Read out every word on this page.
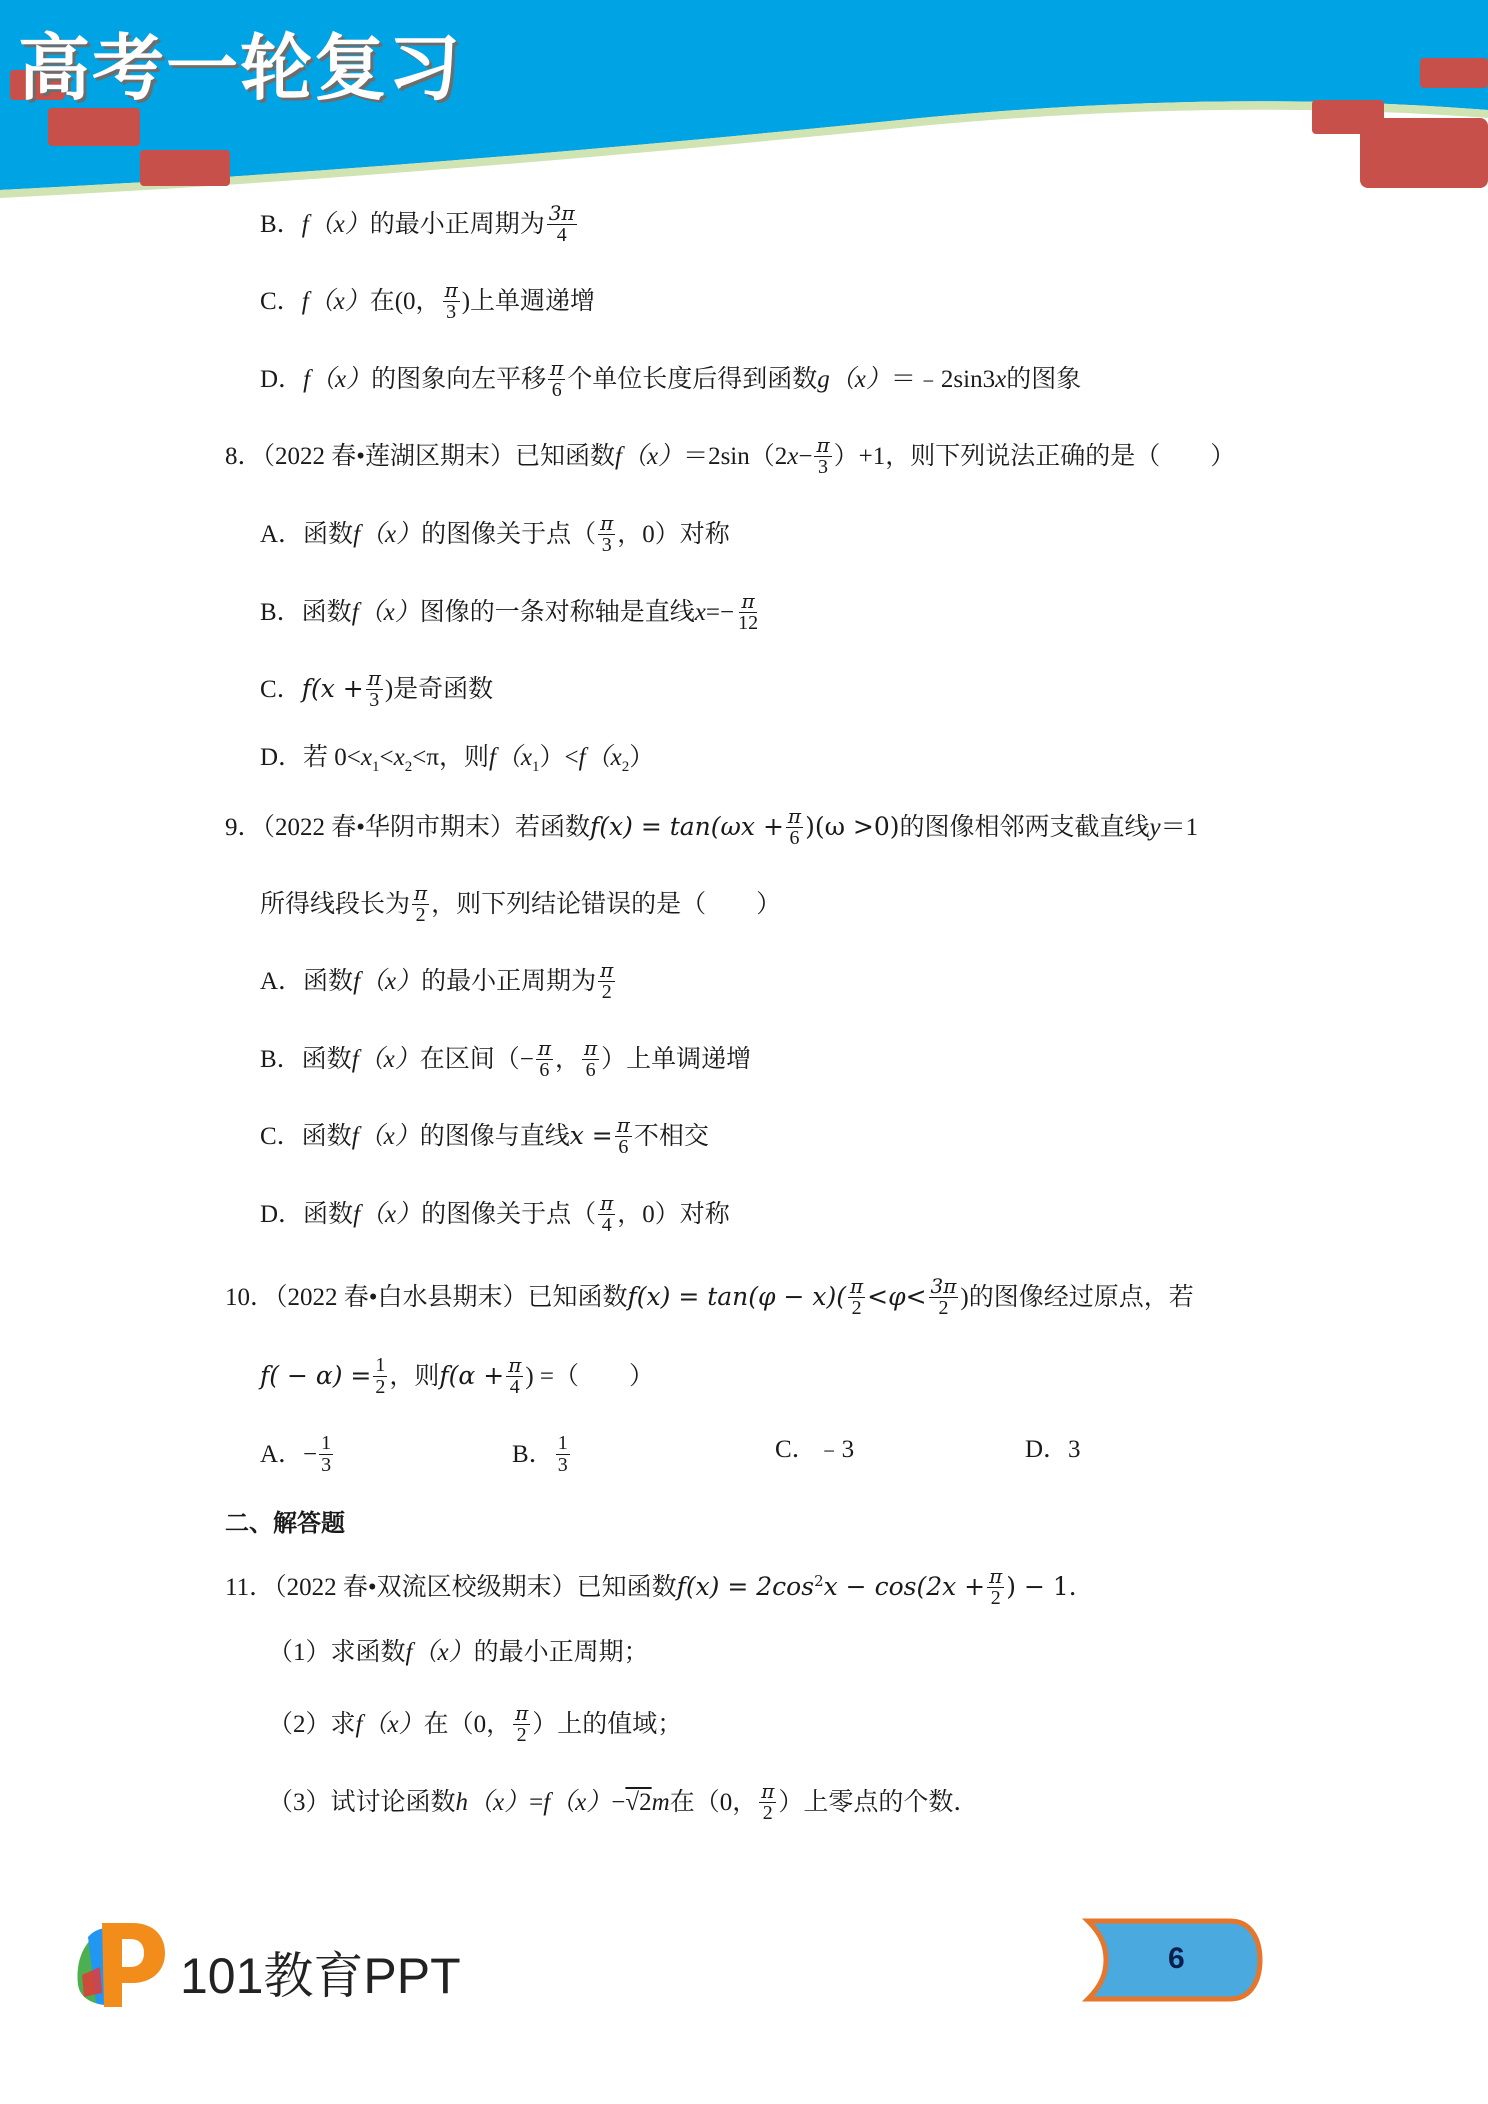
高考一轮复习
B．f（x）的最小正周期为 $\frac{3\pi}{4}$
C．f（x）在(0， $\frac{\pi}{3}$ )上单週递增
D．f（x）的图象向左平移 $\frac{\pi}{6}$ 个单位长度后得到函数g（x）＝﹣2sin3x的图象
8．（2022 春•莲湖区期末）已知函数$f(x)=2\sin(2x- \frac{\pi}{3} )+1$，则下列说法正确的是（　　）
A．函数f（x）的图像关于点（ $\frac{\pi}{3}$ ，0）对称
B．函数f（x）图像的一条对称轴是直线$x=- \frac{\pi}{12}$
C．$f(x + \frac{\pi}{3}$ )是奇函数
D．若 $0<x_1<x_2<\pi$，则$f(x_1)<f(x_2)$
9．（2022 春•华阴市期末）若函数$f(x) = \tan(\omega x + \frac{\pi}{6} )(\omega >0)$的图像相邻两支截直线y＝1
所得线段长为 $\frac{\pi}{2}$ ，则下列结论错误的是（　　）
A．函数f（x）的最小正周期为 $\frac{\pi}{2}$
B．函数f（x）在区间（− $\frac{\pi}{6}$ ， $\frac{\pi}{6}$ ）上单调递增
C．函数f（x）的图像与直线$x = \frac{\pi}{6}$ 不相交
D．函数f（x）的图像关于点（ $\frac{\pi}{4}$ ，0）对称
10．（2022 春•白水县期末）已知函数$f(x) = \tan(\varphi - x)( \frac{\pi}{2} <\varphi< \frac{3\pi}{2}$ )的图像经过原点，若
$f( - \alpha) = \frac{1}{2}$ ，则$f(\alpha + \frac{\pi}{4}$ ) =（　　）
A．− $\frac{1}{3}$	B． $\frac{1}{3}$	C．﹣3	D．3
二、解答题
11．（2022 春•双流区校级期末）已知函数$f(x) = 2\cos^2x - \cos(2x + \frac{\pi}{2}$ ) − 1．
（1）求函数f（x）的最小正周期；
（2）求f（x）在（0， $\frac{\pi}{2}$ ）上的值域；
（3）试讨论函数h（x）=f（x）−√2m在（0， $\frac{\pi}{2}$ ）上零点的个数．
101教育PPT	6
